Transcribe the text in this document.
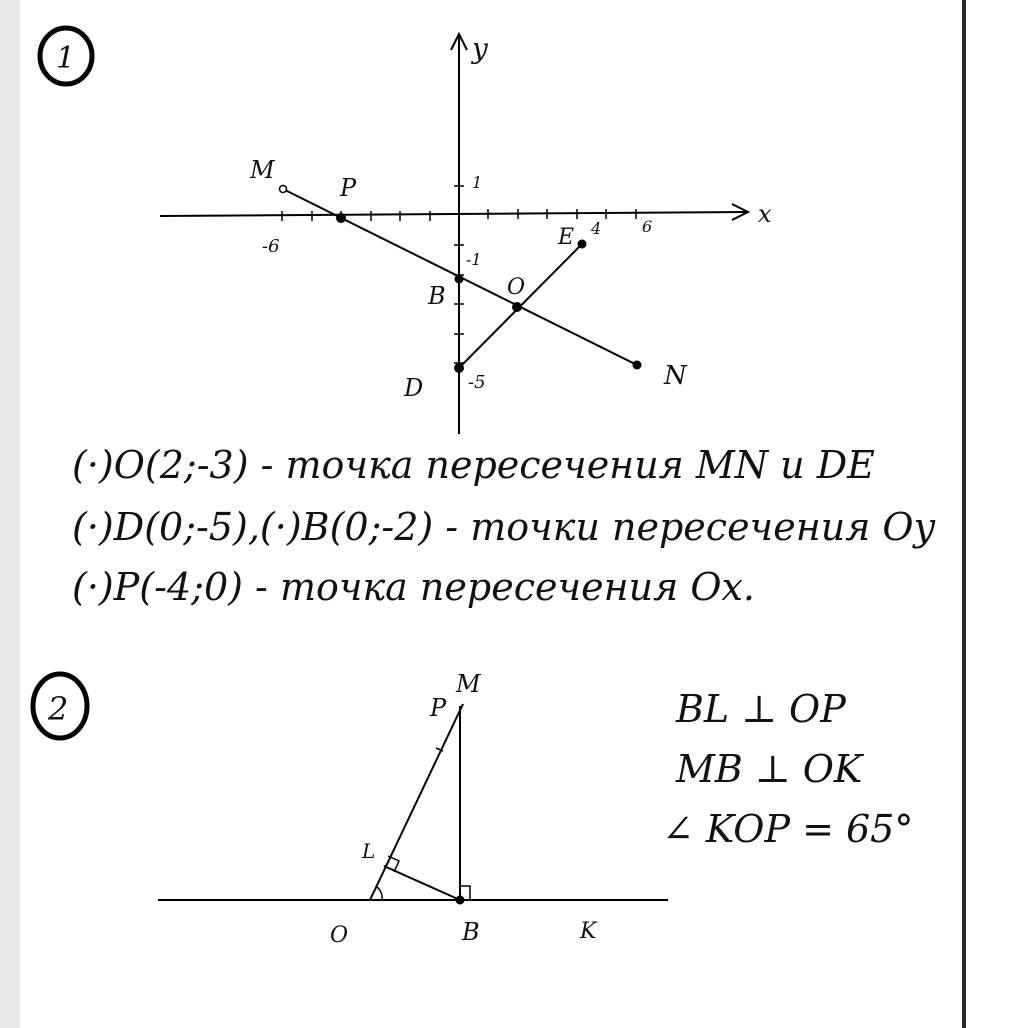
1
x
y
-6
4	6
1
-1
-5
M
P
B	O
E
D	N
(·)O(2;-3) - точка пересечения MN и DE
(·)D(0;-5),(·)B(0;-2) - точки пересечения Oy
(·)P(-4;0) - точка пересечения Ox.
2	P
M
L
O	B	K
BL ⊥ OP
MB ⊥ OK
∠ KOP = 65°
